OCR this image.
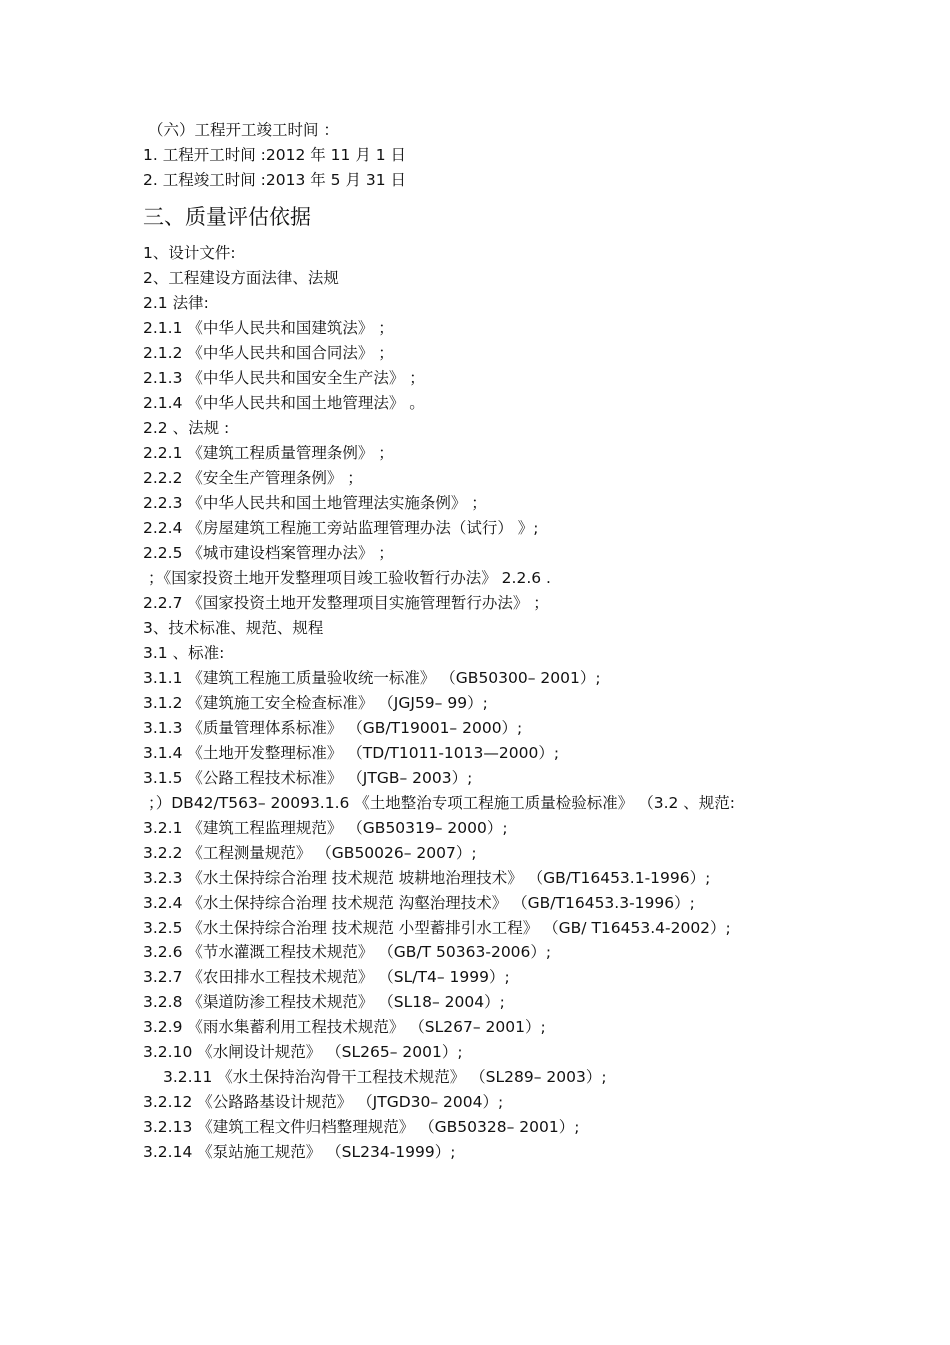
（六）工程开工竣工时间 ：
1. 工程开工时间 :2012 年 11 月 1 日
2. 工程竣工时间 :2013 年 5 月 31 日
三、质量评估依据
1、设计文件:
2、工程建设方面法律、法规
2.1 法律:
2.1.1 《中华人民共和国建筑法》 ；
2.1.2 《中华人民共和国合同法》 ；
2.1.3 《中华人民共和国安全生产法》 ；
2.1.4 《中华人民共和国土地管理法》 。
2.2 、法规 :
2.2.1 《建筑工程质量管理条例》 ；
2.2.2 《安全生产管理条例》 ；
2.2.3 《中华人民共和国土地管理法实施条例》 ；
2.2.4 《房屋建筑工程施工旁站监理管理办法（试行） 》;
2.2.5 《城市建设档案管理办法》 ；
；《国家投资土地开发整理项目竣工验收暂行办法》 2.2.6 .
2.2.7 《国家投资土地开发整理项目实施管理暂行办法》 ；
3、技术标准、规范、规程
3.1 、标准:
3.1.1 《建筑工程施工质量验收统一标准》 （GB50300– 2001）;
3.1.2 《建筑施工安全检查标准》 （JGJ59– 99）;
3.1.3 《质量管理体系标准》 （GB/T19001– 2000）;
3.1.4 《土地开发整理标准》 （TD/T1011-1013—2000）;
3.1.5 《公路工程技术标准》 （JTGB– 2003）;
；）DB42/T563– 20093.1.6 《土地整治专项工程施工质量检验标准》 （3.2 、规范:
3.2.1 《建筑工程监理规范》 （GB50319– 2000）;
3.2.2 《工程测量规范》 （GB50026– 2007）;
3.2.3 《水土保持综合治理 技术规范 坡耕地治理技术》 （GB/T16453.1-1996）;
3.2.4 《水土保持综合治理 技术规范 沟壑治理技术》 （GB/T16453.3-1996）;
3.2.5 《水土保持综合治理 技术规范 小型蓄排引水工程》 （GB/ T16453.4-2002）;
3.2.6 《节水灌溉工程技术规范》 （GB/T 50363-2006）;
3.2.7 《农田排水工程技术规范》 （SL/T4– 1999）;
3.2.8 《渠道防渗工程技术规范》 （SL18– 2004）;
3.2.9 《雨水集蓄利用工程技术规范》 （SL267– 2001）;
3.2.10 《水闸设计规范》 （SL265– 2001）;
3.2.11 《水土保持治沟骨干工程技术规范》 （SL289– 2003）;
3.2.12 《公路路基设计规范》 （JTGD30– 2004）;
3.2.13 《建筑工程文件归档整理规范》 （GB50328– 2001）;
3.2.14 《泵站施工规范》 （SL234-1999）;
